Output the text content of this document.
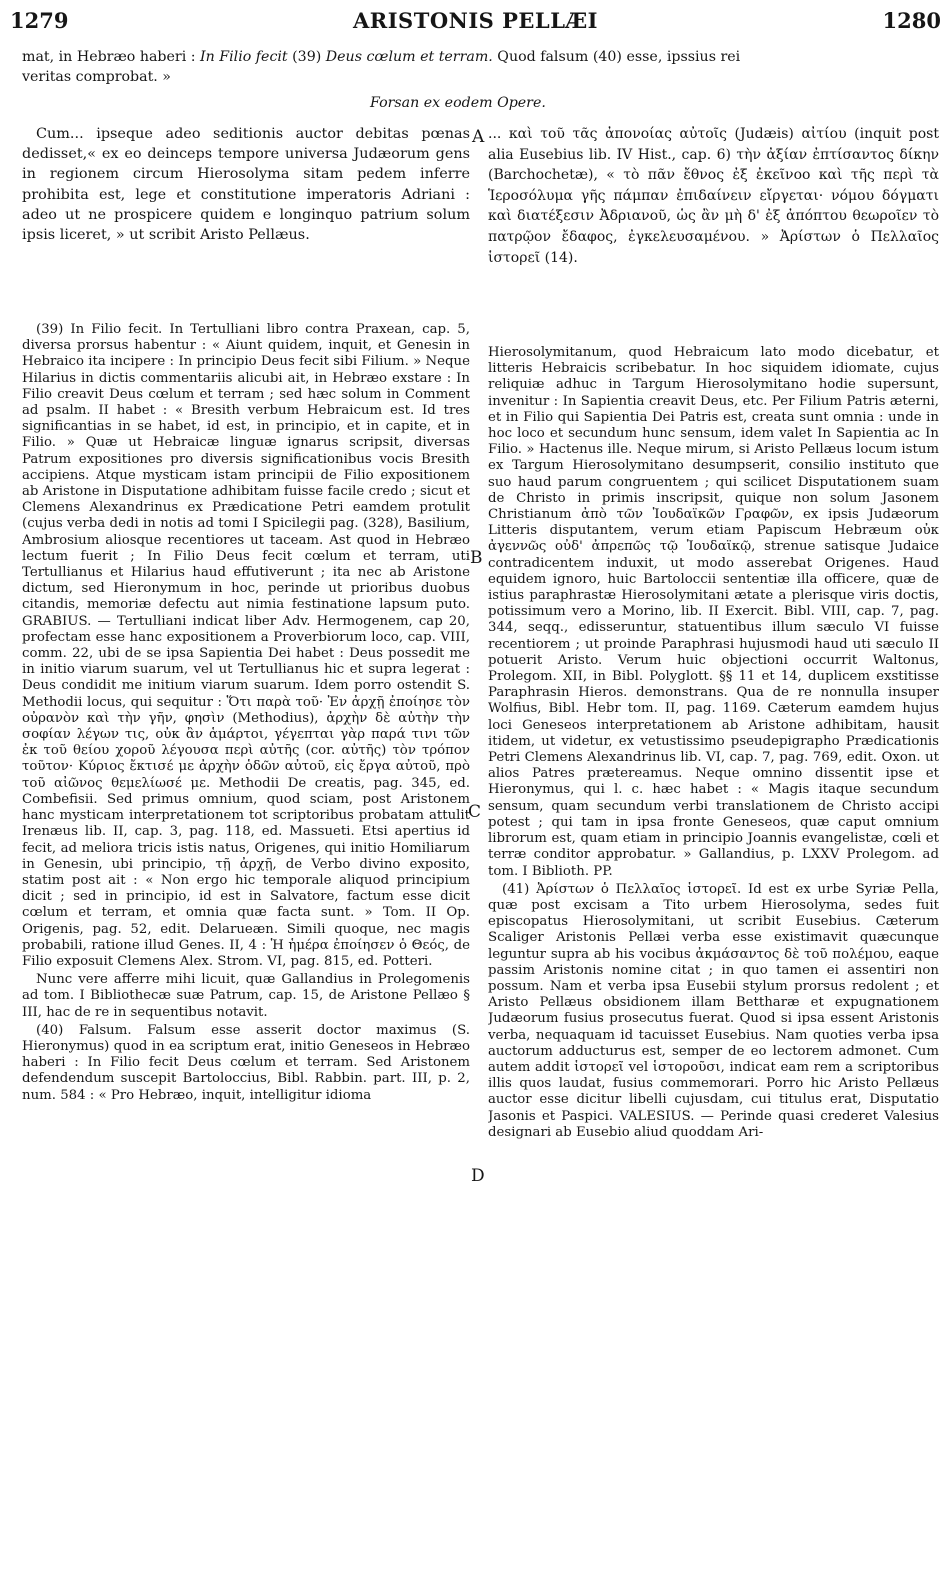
1279	ARISTONIS PELLÆI	1280
mat, in Hebræo haberi : In Filio fecit (39) Deus cœlum et terram. Quod falsum (40) esse, ipssius rei
veritas comprobat. »
Forsan ex eodem Opere.
A
B
C
D

Cum... ipseque adeo seditionis auctor debitas pœnas dedisset,« ex eo deinceps tempore universa Judæorum gens in regionem circum Hierosolyma sitam pedem inferre prohibita est, lege et constitutione imperatoris Adriani : adeo ut ne prospicere quidem e longinquo patrium solum ipsis liceret, » ut scribit Aristo Pellæus.

... καὶ τοῦ τᾶς ἀπονοίας αὐτοῖς (Judæis) αἰτίου (inquit post alia Eusebius lib. IV Hist., cap. 6) τὴν ἀξίαν ἐπτίσαντος δίκην (Barchochetæ), « τὸ πᾶν ἔθνος ἐξ ἐκεῖνοο καὶ τῆς περὶ τὰ Ἱεροσόλυμα γῆς πάμπαν ἐπιδαίνειν εἴργεται· νόμου δόγματι καὶ διατέξεσιν Ἀδριανοῦ, ὡς ἂν μὴ δ' ἐξ ἀπόπτου θεωροῖεν τὸ πατρῷον ἔδαφος, ἐγκελευσαμένου. » Ἀρίστων ὁ Πελλαῖος ἱστορεῖ (14).

(39) In Filio fecit. In Tertulliani libro contra Praxean, cap. 5, diversa prorsus habentur : « Aiunt quidem, inquit, et Genesin in Hebraico ita incipere : In principio Deus fecit sibi Filium. » Neque Hilarius in dictis commentariis alicubi ait, in Hebræo exstare : In Filio creavit Deus cœlum et terram ; sed hæc solum in Comment ad psalm. II habet : « Bresith verbum Hebraicum est. Id tres significantias in se habet, id est, in principio, et in capite, et in Filio. » Quæ ut Hebraicæ linguæ ignarus scripsit, diversas Patrum expositiones pro diversis significationibus vocis Bresith accipiens. Atque mysticam istam principii de Filio expositionem ab Aristone in Disputatione adhibitam fuisse facile credo ; sicut et Clemens Alexandrinus ex Prædicatione Petri eamdem protulit (cujus verba dedi in notis ad tomi I Spicilegii pag. (328), Basilium, Ambrosium aliosque recentiores ut taceam. Ast quod in Hebræo lectum fuerit ; In Filio Deus fecit cœlum et terram, uti Tertullianus et Hilarius haud effutiverunt ; ita nec ab Aristone dictum, sed Hieronymum in hoc, perinde ut prioribus duobus citandis, memoriæ defectu aut nimia festinatione lapsum puto. GRABIUS. — Tertulliani indicat liber Adv. Hermogenem, cap 20, profectam esse hanc expositionem a Proverbiorum loco, cap. VIII, comm. 22, ubi de se ipsa Sapientia Dei habet : Deus possedit me in initio viarum suarum, vel ut Tertullianus hic et supra legerat : Deus condidit me initium viarum suarum. Idem porro ostendit S. Methodii locus, qui sequitur : Ὅτι παρὰ τοῦ· Ἐν ἀρχῇ ἐποίησε τὸν οὐρανὸν καὶ τὴν γῆν, φησὶν (Methodius), ἀρχὴν δὲ αὐτὴν τὴν σοφίαν λέγων τις, οὐκ ἂν ἁμάρτοι, γέγεπται γὰρ παρά τινι τῶν ἐκ τοῦ θείου χοροῦ λέγουσα περὶ αὐτῆς (cor. αὐτῆς) τὸν τρόπον τοῦτον· Κύριος ἔκτισέ με ἀρχὴν ὁδῶν αὐτοῦ, εἰς ἔργα αὐτοῦ, πρὸ τοῦ αἰῶνος θεμελίωσέ με. Methodii De creatis, pag. 345, ed. Combefisii. Sed primus omnium, quod sciam, post Aristonem hanc mysticam interpretationem tot scriptoribus probatam attulit Irenæus lib. II, cap. 3, pag. 118, ed. Massueti. Etsi apertius id fecit, ad meliora tricis istis natus, Origenes, qui initio Homiliarum in Genesin, ubi principio, τῇ ἀρχῇ, de Verbo divino exposito, statim post ait : « Non ergo hic temporale aliquod principium dicit ; sed in principio, id est in Salvatore, factum esse dicit cœlum et terram, et omnia quæ facta sunt. » Tom. II Op. Origenis, pag. 52, edit. Delarueæn. Simili quoque, nec magis probabili, ratione illud Genes. II, 4 : Ἡ ἡμέρα ἐποίησεν ὁ Θεός, de Filio exposuit Clemens Alex. Strom. VI, pag. 815, ed. Potteri.

Nunc vere afferre mihi licuit, quæ Gallandius in Prolegomenis ad tom. I Bibliothecæ suæ Patrum, cap. 15, de Aristone Pellæo § III, hac de re in sequentibus notavit.

(40) Falsum. Falsum esse asserit doctor maximus (S. Hieronymus) quod in ea scriptum erat, initio Geneseos in Hebræo haberi : In Filio fecit Deus cœlum et terram. Sed Aristonem defendendum suscepit Bartoloccius, Bibl. Rabbin. part. III, p. 2, num. 584 : « Pro Hebræo, inquit, intelligitur idioma

Hierosolymitanum, quod Hebraicum lato modo dicebatur, et litteris Hebraicis scribebatur. In hoc siquidem idiomate, cujus reliquiæ adhuc in Targum Hierosolymitano hodie supersunt, invenitur : In Sapientia creavit Deus, etc. Per Filium Patris æterni, et in Filio qui Sapientia Dei Patris est, creata sunt omnia : unde in hoc loco et secundum hunc sensum, idem valet In Sapientia ac In Filio. » Hactenus ille. Neque mirum, si Aristo Pellæus locum istum ex Targum Hierosolymitano desumpserit, consilio instituto que suo haud parum congruentem ; qui scilicet Disputationem suam de Christo in primis inscripsit, quique non solum Jasonem Christianum ἀπὸ τῶν Ἰουδαϊκῶν Γραφῶν, ex ipsis Judæorum Litteris disputantem, verum etiam Papiscum Hebræum οὐκ ἀγεννῶς οὐδ' ἀπρεπῶς τῷ Ἰουδαϊκῷ, strenue satisque Judaice contradicentem induxit, ut modo asserebat Origenes. Haud equidem ignoro, huic Bartoloccii sententiæ illa officere, quæ de istius paraphrastæ Hierosolymitani ætate a plerisque viris doctis, potissimum vero a Morino, lib. II Exercit. Bibl. VIII, cap. 7, pag. 344, seqq., edisseruntur, statuentibus illum sæculo VI fuisse recentiorem ; ut proinde Paraphrasi hujusmodi haud uti sæculo II potuerit Aristo. Verum huic objectioni occurrit Waltonus, Prolegom. XII, in Bibl. Polyglott. §§ 11 et 14, duplicem exstitisse Paraphrasin Hieros. demonstrans. Qua de re nonnulla insuper Wolfius, Bibl. Hebr tom. II, pag. 1169. Cæterum eamdem hujus loci Geneseos interpretationem ab Aristone adhibitam, hausit itidem, ut videtur, ex vetustissimo pseudepigrapho Prædicationis Petri Clemens Alexandrinus lib. VI, cap. 7, pag. 769, edit. Oxon. ut alios Patres prætereamus. Neque omnino dissentit ipse et Hieronymus, qui l. c. hæc habet : « Magis itaque secundum sensum, quam secundum verbi translationem de Christo accipi potest ; qui tam in ipsa fronte Geneseos, quæ caput omnium librorum est, quam etiam in principio Joannis evangelistæ, cœli et terræ conditor approbatur. » Gallandius, p. LXXV Prolegom. ad tom. I Biblioth. PP.

(41) Ἀρίστων ὁ Πελλαῖος ἱστορεῖ. Id est ex urbe Syriæ Pella, quæ post excisam a Tito urbem Hierosolyma, sedes fuit episcopatus Hierosolymitani, ut scribit Eusebius. Cæterum Scaliger Aristonis Pellæi verba esse existimavit quæcunque leguntur supra ab his vocibus ἀκμάσαντος δὲ τοῦ πολέμου, eaque passim Aristonis nomine citat ; in quo tamen ei assentiri non possum. Nam et verba ipsa Eusebii stylum prorsus redolent ; et Aristo Pellæus obsidionem illam Bettharæ et expugnationem Judæorum fusius prosecutus fuerat. Quod si ipsa essent Aristonis verba, nequaquam id tacuisset Eusebius. Nam quoties verba ipsa auctorum adducturus est, semper de eo lectorem admonet. Cum autem addit ἱστορεῖ vel ἱστοροῦσι, indicat eam rem a scriptoribus illis quos laudat, fusius commemorari. Porro hic Aristo Pellæus auctor esse dicitur libelli cujusdam, cui titulus erat, Disputatio Jasonis et Paspici. VALESIUS. — Perinde quasi crederet Valesius designari ab Eusebio aliud quoddam Ari-
